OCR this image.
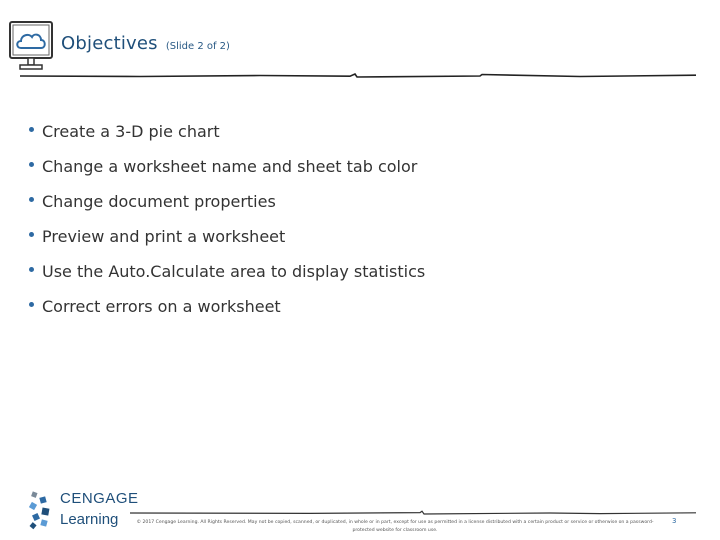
Objectives (Slide 2 of 2)
Create a 3-D pie chart
Change a worksheet name and sheet tab color
Change document properties
Preview and print a worksheet
Use the Auto.Calculate area to display statistics
Correct errors on a worksheet
CENGAGE
Learning	© 2017 Cengage Learning. All Rights Reserved. May not be copied, scanned, or duplicated, in whole or in part, except for use as permitted in a license distributed with a certain product or service or otherwise on a password-protected website for classroom use.
3
